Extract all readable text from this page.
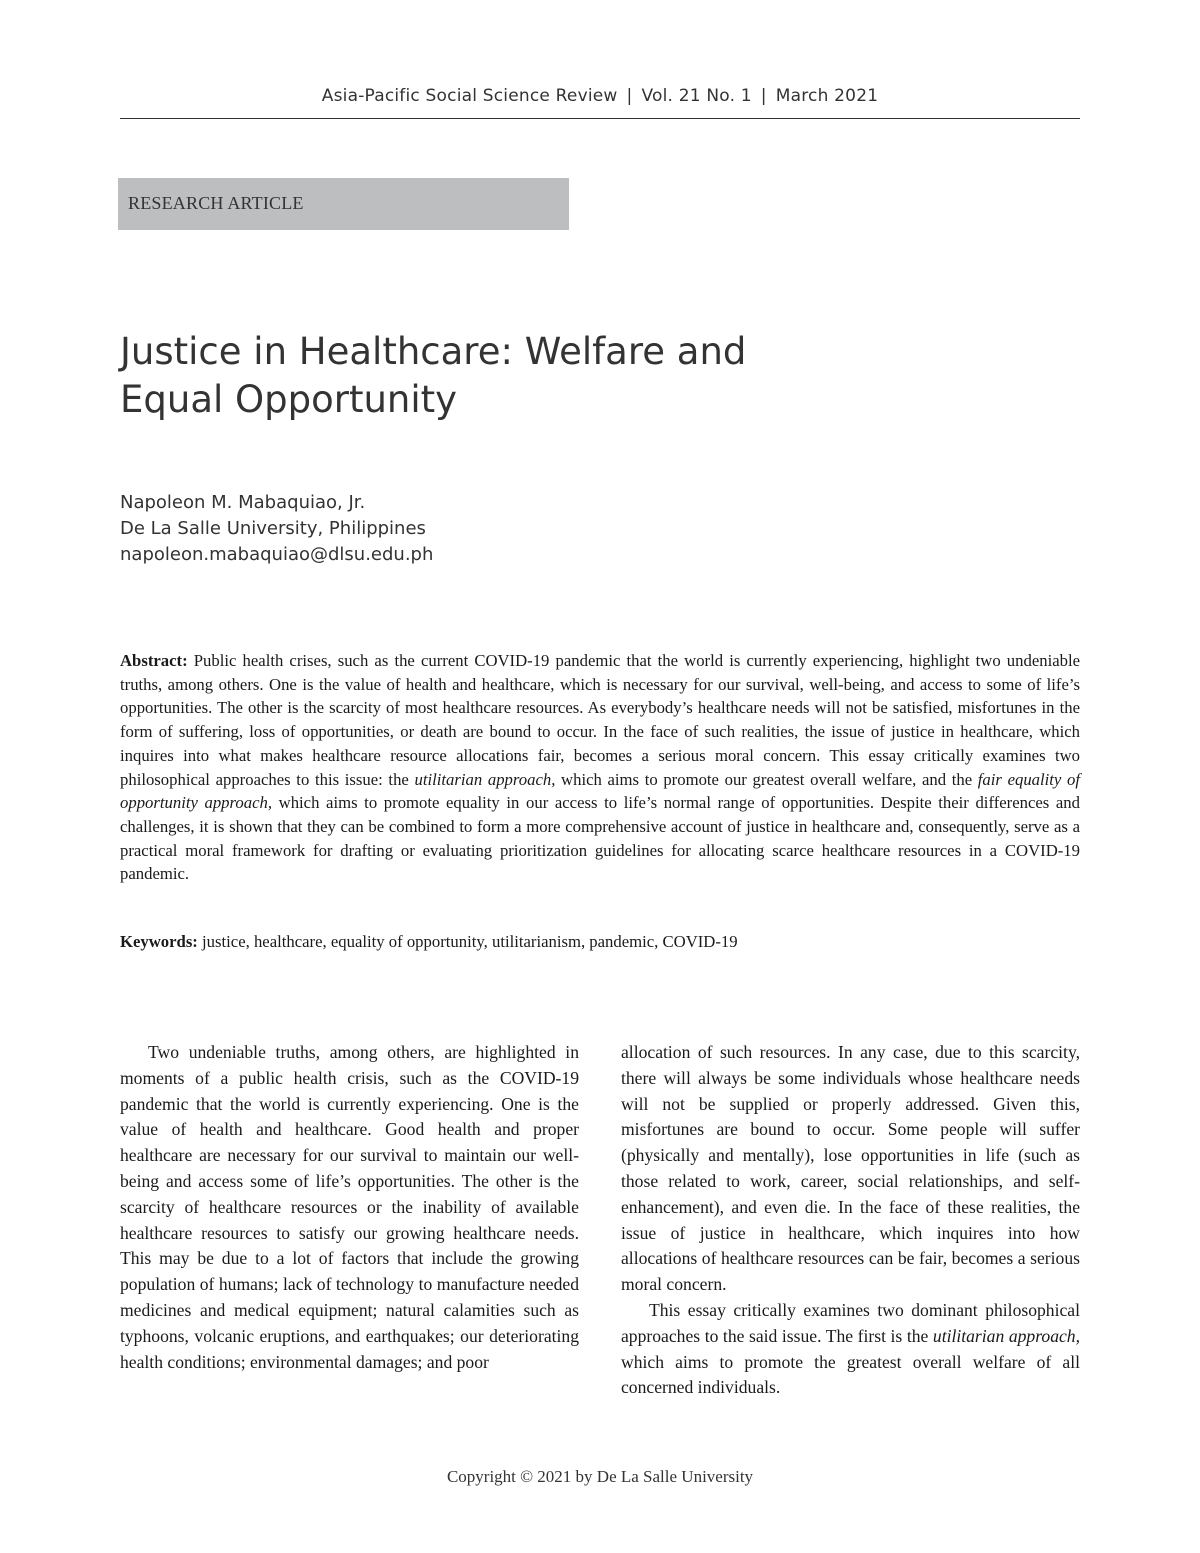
Asia-Pacific Social Science Review | Vol. 21 No. 1 | March 2021
RESEARCH ARTICLE
Justice in Healthcare: Welfare and
Equal Opportunity
Napoleon M. Mabaquiao, Jr.
De La Salle University, Philippines
napoleon.mabaquiao@dlsu.edu.ph

Abstract: Public health crises, such as the current COVID-19 pandemic that the world is currently experiencing, highlight two undeniable truths, among others. One is the value of health and healthcare, which is necessary for our survival, well-being, and access to some of life’s opportunities. The other is the scarcity of most healthcare resources. As everybody’s healthcare needs will not be satisfied, misfortunes in the form of suffering, loss of opportunities, or death are bound to occur. In the face of such realities, the issue of justice in healthcare, which inquires into what makes healthcare resource allocations fair, becomes a serious moral concern. This essay critically examines two philosophical approaches to this issue: the utilitarian approach, which aims to promote our greatest overall welfare, and the fair equality of opportunity approach, which aims to promote equality in our access to life’s normal range of opportunities. Despite their differences and challenges, it is shown that they can be combined to form a more comprehensive account of justice in healthcare and, consequently, serve as a practical moral framework for drafting or evaluating prioritization guidelines for allocating scarce healthcare resources in a COVID-19 pandemic.

Keywords: justice, healthcare, equality of opportunity, utilitarianism, pandemic, COVID-19

Two undeniable truths, among others, are highlighted in moments of a public health crisis, such as the COVID-19 pandemic that the world is currently experiencing. One is the value of health and healthcare. Good health and proper healthcare are necessary for our survival to maintain our well-being and access some of life’s opportunities. The other is the scarcity of healthcare resources or the inability of available healthcare resources to satisfy our growing healthcare needs. This may be due to a lot of factors that include the growing population of humans; lack of technology to manufacture needed medicines and medical equipment; natural calamities such as typhoons, volcanic eruptions, and earthquakes; our deteriorating health conditions; environmental damages; and poor

allocation of such resources. In any case, due to this scarcity, there will always be some individuals whose healthcare needs will not be supplied or properly addressed. Given this, misfortunes are bound to occur. Some people will suffer (physically and mentally), lose opportunities in life (such as those related to work, career, social relationships, and self-enhancement), and even die. In the face of these realities, the issue of justice in healthcare, which inquires into how allocations of healthcare resources can be fair, becomes a serious moral concern.

This essay critically examines two dominant philosophical approaches to the said issue. The first is the utilitarian approach, which aims to promote the greatest overall welfare of all concerned individuals.

Copyright © 2021 by De La Salle University
